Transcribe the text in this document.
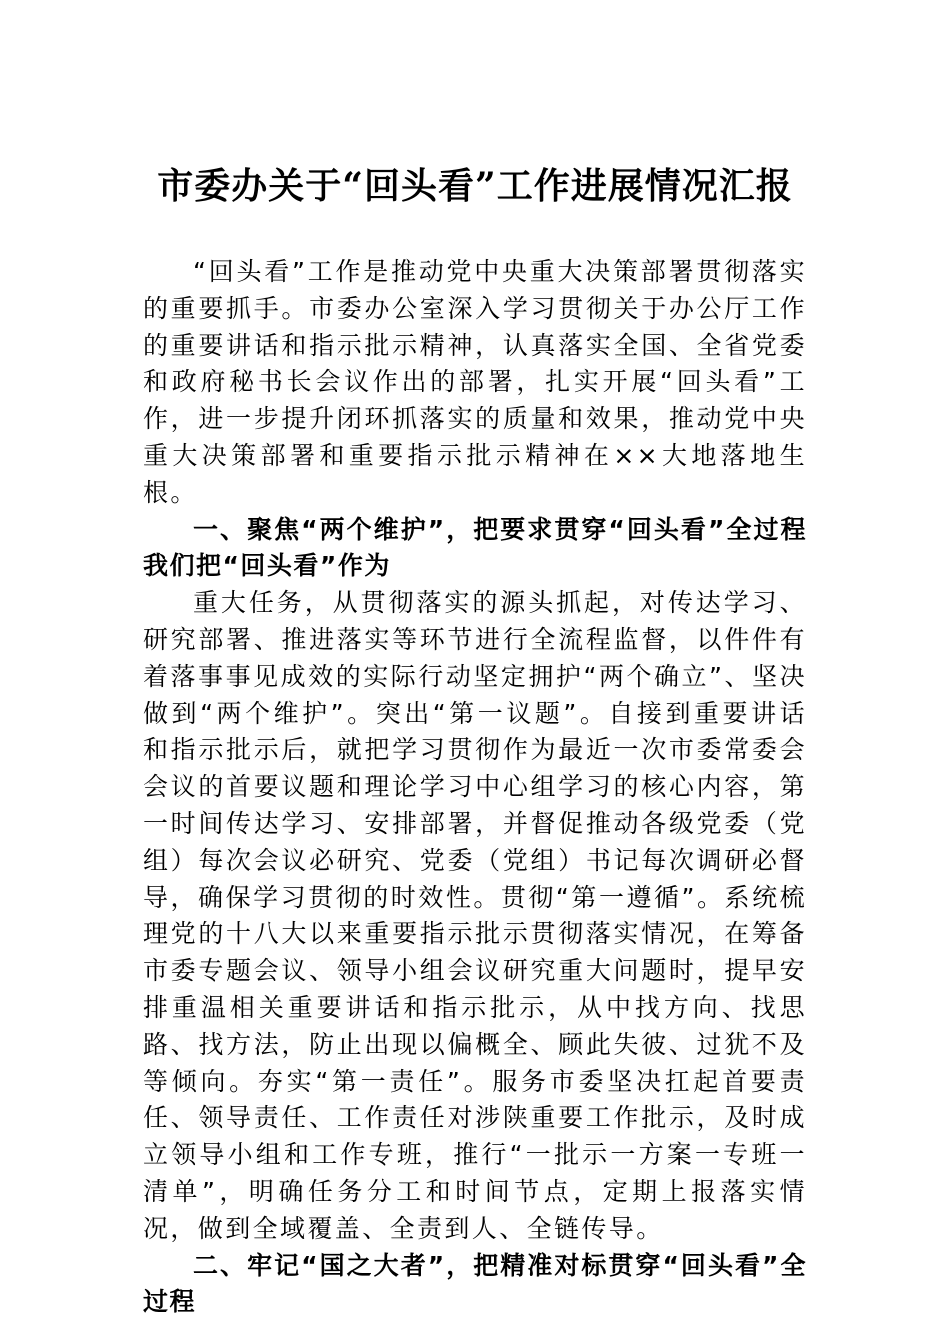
市委办关于“回头看”工作进展情况汇报

“回头看”工作是推动党中央重大决策部署贯彻落实的重要抓手。市委办公室深入学习贯彻关于办公厅工作的重要讲话和指示批示精神，认真落实全国、全省党委和政府秘书长会议作出的部署，扎实开展“回头看”工作，进一步提升闭环抓落实的质量和效果，推动党中央重大决策部署和重要指示批示精神在××大地落地生根。

一、聚焦“两个维护”，把要求贯穿“回头看”全过程我们把“回头看”作为

重大任务，从贯彻落实的源头抓起，对传达学习、研究部署、推进落实等环节进行全流程监督，以件件有着落事事见成效的实际行动坚定拥护“两个确立”、坚决做到“两个维护”。突出“第一议题”。自接到重要讲话和指示批示后，就把学习贯彻作为最近一次市委常委会会议的首要议题和理论学习中心组学习的核心内容，第一时间传达学习、安排部署，并督促推动各级党委（党组）每次会议必研究、党委（党组）书记每次调研必督导，确保学习贯彻的时效性。贯彻“第一遵循”。系统梳理党的十八大以来重要指示批示贯彻落实情况，在筹备市委专题会议、领导小组会议研究重大问题时，提早安排重温相关重要讲话和指示批示，从中找方向、找思路、找方法，防止出现以偏概全、顾此失彼、过犹不及等倾向。夯实“第一责任”。服务市委坚决扛起首要责任、领导责任、工作责任对涉陕重要工作批示，及时成立领导小组和工作专班，推行“一批示一方案一专班一清单”，明确任务分工和时间节点，定期上报落实情况，做到全域覆盖、全责到人、全链传导。

二、牢记“国之大者”，把精准对标贯穿“回头看”全过程
